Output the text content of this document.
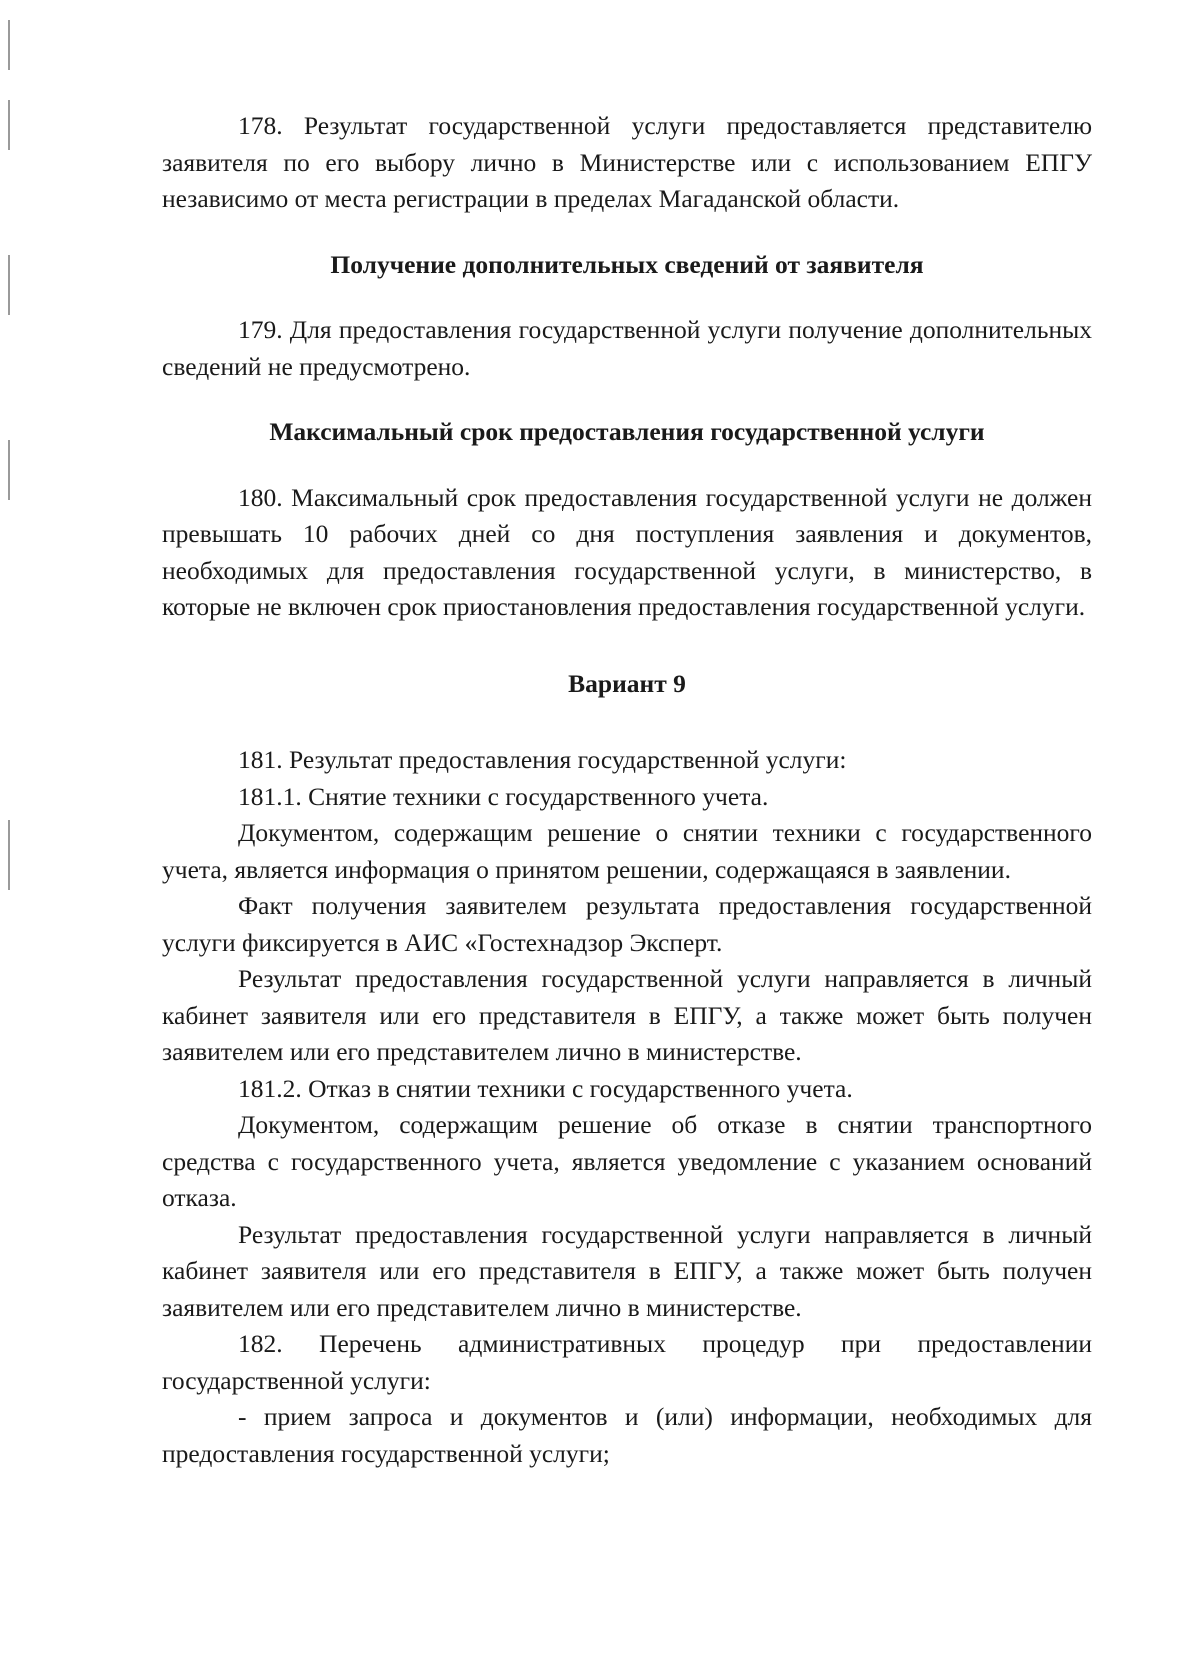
178. Результат государственной услуги предоставляется представителю заявителя по его выбору лично в Министерстве или с использованием ЕПГУ независимо от места регистрации в пределах Магаданской области.

Получение дополнительных сведений от заявителя

179. Для предоставления государственной услуги получение дополнительных сведений не предусмотрено.

Максимальный срок предоставления государственной услуги

180. Максимальный срок предоставления государственной услуги не должен превышать 10 рабочих дней со дня поступления заявления и документов, необходимых для предоставления государственной услуги, в министерство, в которые не включен срок приостановления предоставления государственной услуги.

Вариант 9

181. Результат предоставления государственной услуги:

181.1. Снятие техники с государственного учета.

Документом, содержащим решение о снятии техники с государственного учета, является информация о принятом решении, содержащаяся в заявлении.

Факт получения заявителем результата предоставления государственной услуги фиксируется в АИС «Гостехнадзор Эксперт.

Результат предоставления государственной услуги направляется в личный кабинет заявителя или его представителя в ЕПГУ, а также может быть получен заявителем или его представителем лично в министерстве.

181.2. Отказ в снятии техники с государственного учета.

Документом, содержащим решение об отказе в снятии транспортного средства с государственного учета, является уведомление с указанием оснований отказа.

Результат предоставления государственной услуги направляется в личный кабинет заявителя или его представителя в ЕПГУ, а также может быть получен заявителем или его представителем лично в министерстве.

182. Перечень административных процедур при предоставлении государственной услуги:

- прием запроса и документов и (или) информации, необходимых для предоставления государственной услуги;
